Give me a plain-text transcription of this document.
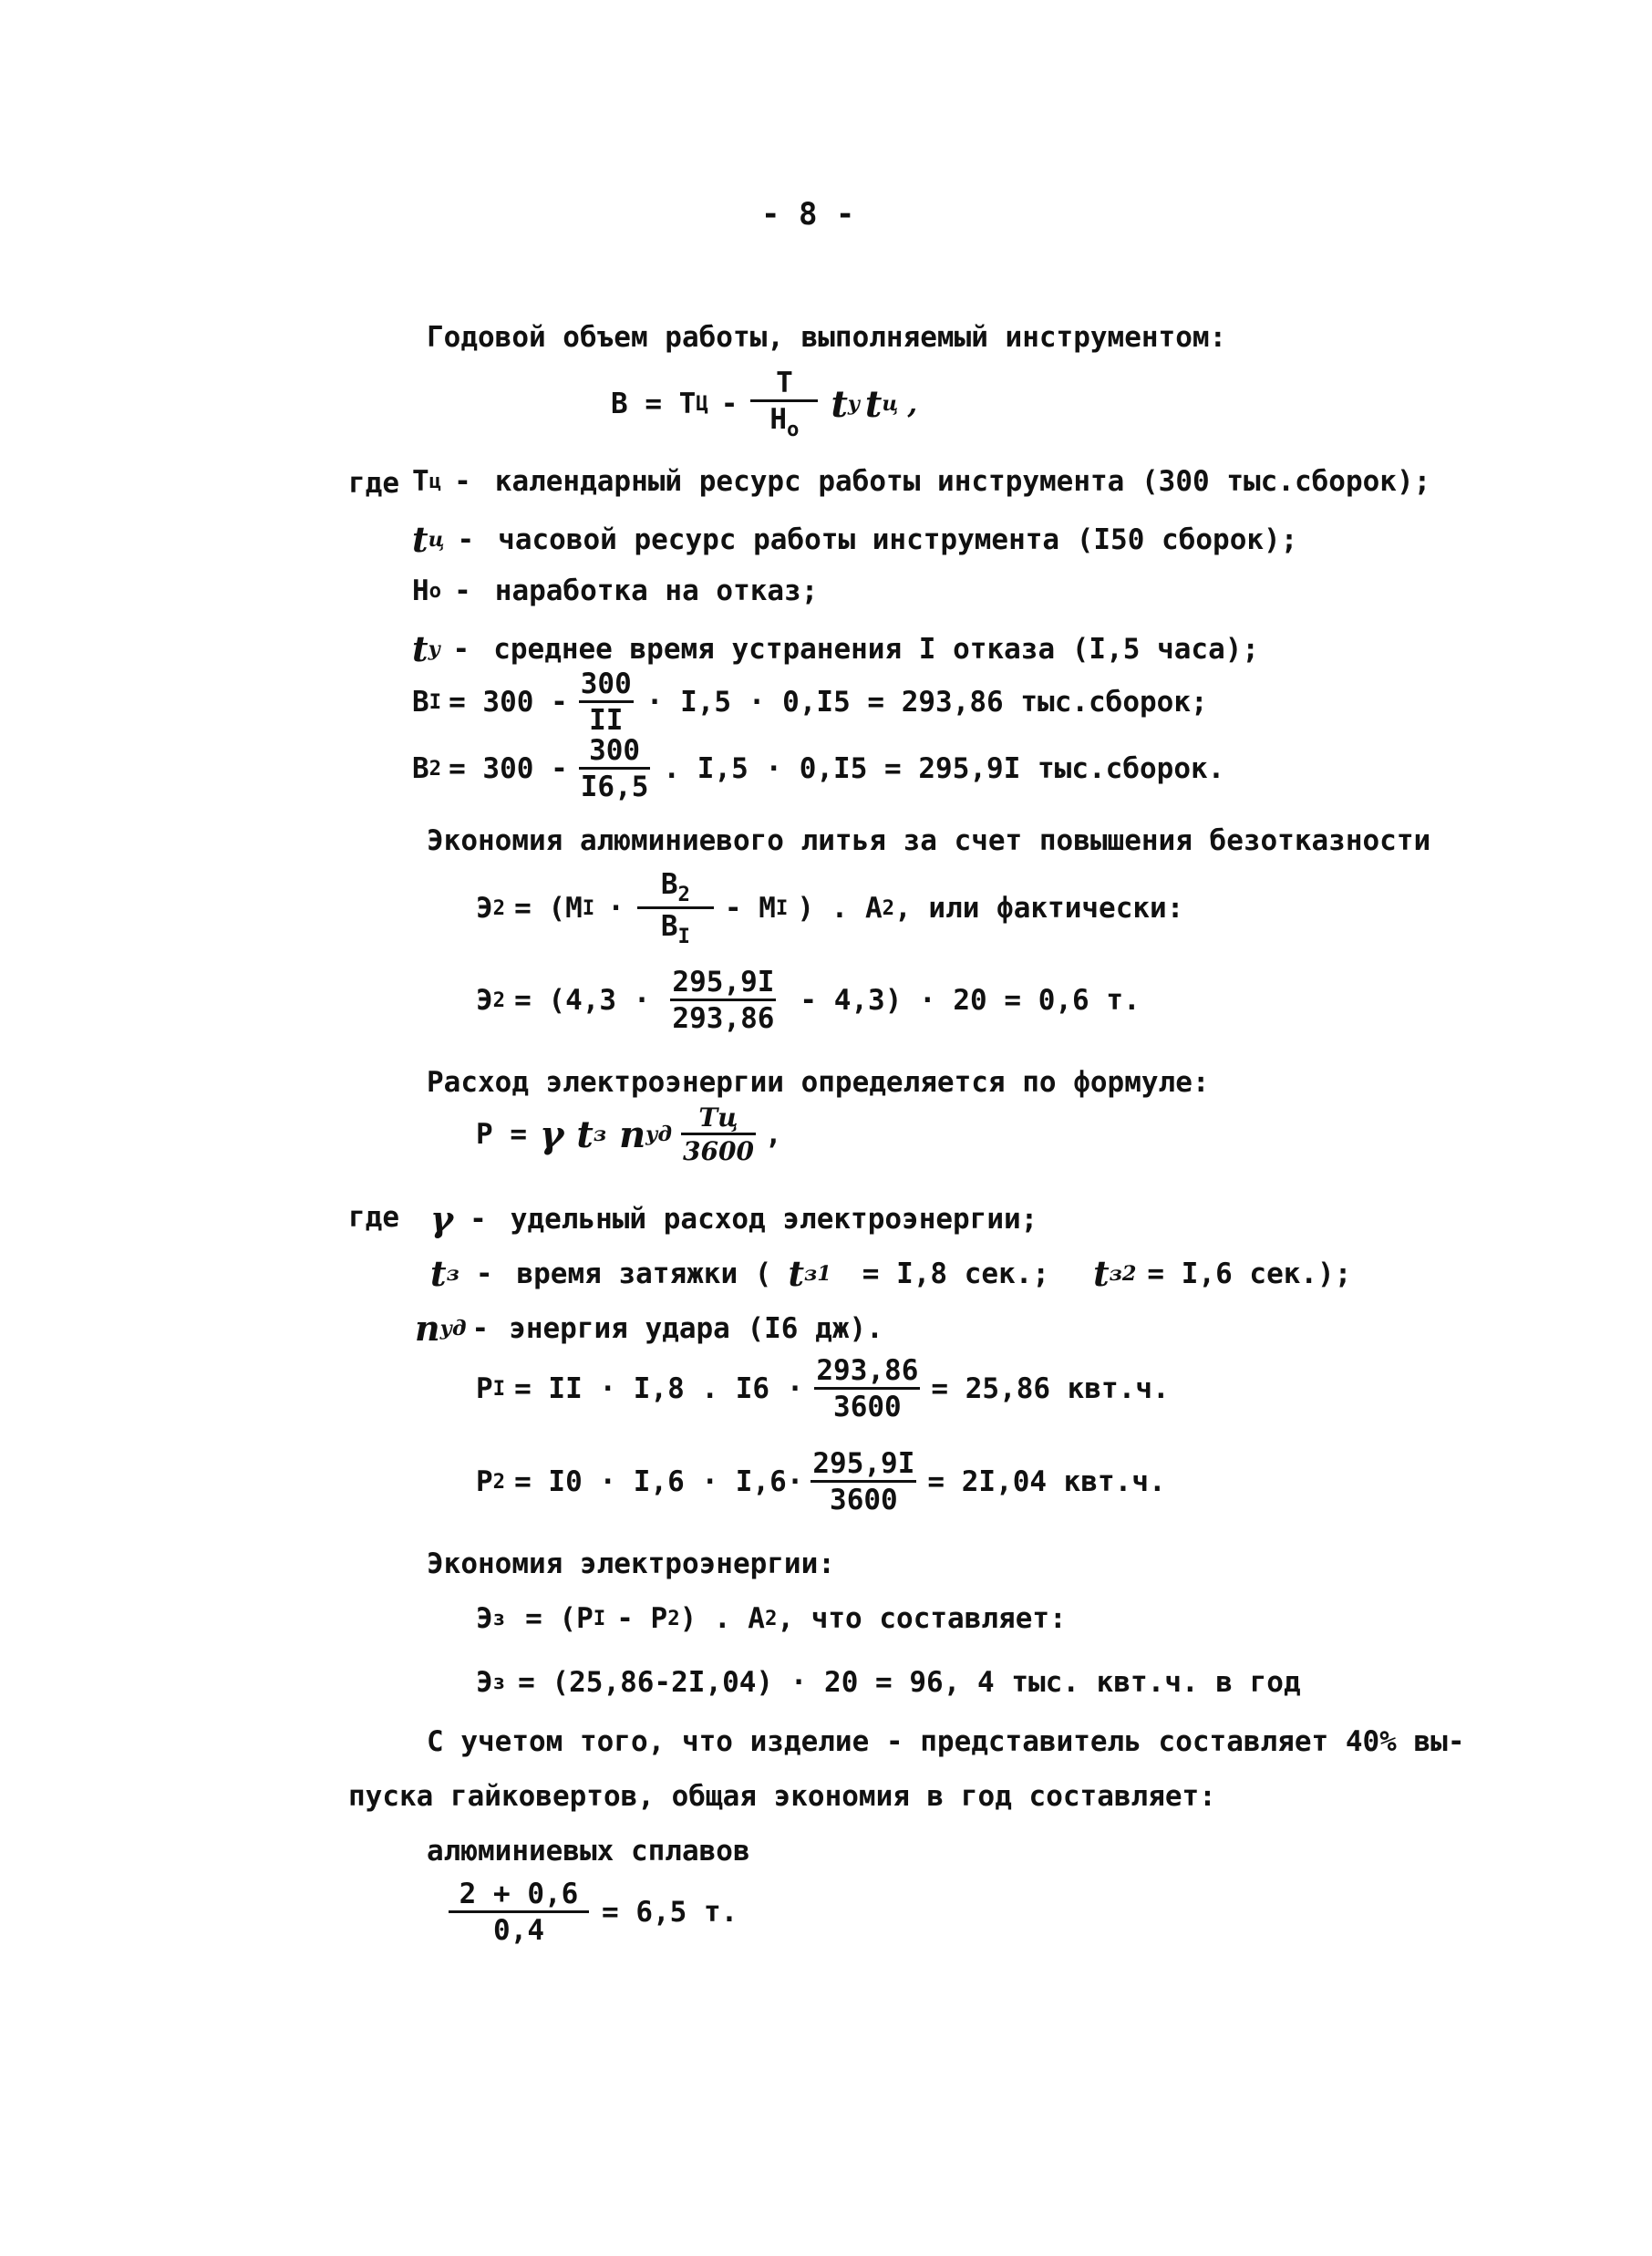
- 8 -
Годовой объем работы, выполняемый инструментом:
B = T Ц - $\frac{T}{H_o}$ t y t ц ,
где T ц - календарный ресурс работы инструмента (300 тыс.сборок);
t ц - часовой ресурс работы инструмента (I50 сборок);
H o - наработка на отказ;
t y - среднее время устранения I отказа (I,5 часа);
B $I = 300 - \frac{300}{II} \cdot I,5 \cdot 0,I5 = 293,86$ тыс.сборок;
B $2 = 300 - \frac{300}{I6,5}$ . I,5 · 0,I5 = 295,9I тыс.сборок.
Экономия алюминиевого литья за счет повышения безотказности
Э 2 = (M $I \cdot \frac{B_2}{B_I} - M$ I ) . A 2 , или фактически:
Э $2 = (4,3 \cdot \frac{295,9I}{293,86} - 4,3) \cdot 20 = 0,6$ т.
Расход электроэнергии определяется по формуле:
P = γ t з n уд $\frac{Tц}{3600}$ ,
где γ - удельный расход электроэнергии;
t з - время затяжки ( t з1 = I,8 сек.; t з2 = I,6 сек.);
n уд - энергия удара (I6 дж).
P I = II · I,8 . $I6 \cdot \frac{293,86}{3600} = 25,86$ квт.ч.
P $2 = I0 \cdot I,6 \cdot I,6\cdot \frac{295,9I}{3600} = 2I,04$ квт.ч.
Экономия электроэнергии:
Э з = (P I - P 2 ) . A 2 , что составляет:
Э з = (25,86-2I,04) · 20 = 96, 4 тыс. квт.ч. в год
С учетом того, что изделие - представитель составляет 40% вы-
пуска гайковертов, общая экономия в год составляет:
алюминиевых сплавов
$\frac{2 + 0,6}{0,4} = 6,5$ т.
